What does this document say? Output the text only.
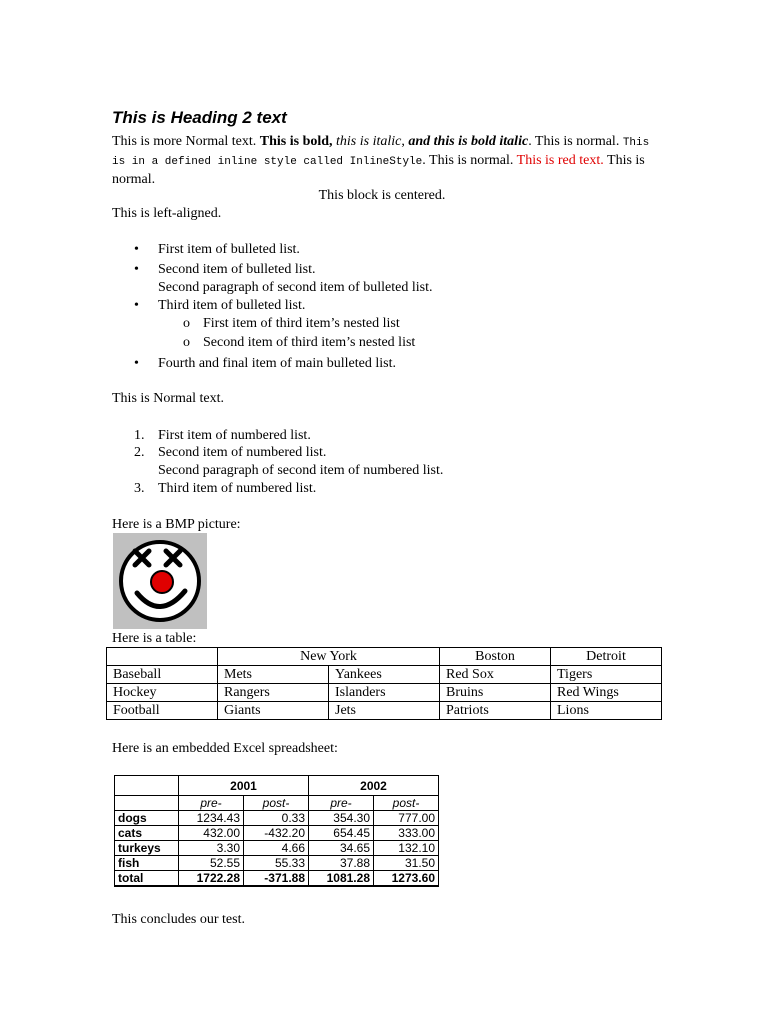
This is Heading 2 text

This is more Normal text. This is bold, this is italic, and this is bold italic. This is normal. This is in a defined inline style called InlineStyle. This is normal. This is red text. This is normal.

This block is centered.
This is left-aligned.
• First item of bulleted list.
• Second item of bulleted list.
Second paragraph of second item of bulleted list.
• Third item of bulleted list.
o First item of third item’s nested list
o Second item of third item’s nested list
• Fourth and final item of main bulleted list.
This is Normal text.
1. First item of numbered list.
2. Second item of numbered list.
Second paragraph of second item of numbered list.
3. Third item of numbered list.
Here is a BMP picture:
Here is a table:
	New York		Boston	Detroit
Baseball	Mets	Yankees	Red Sox	Tigers
Hockey	Rangers	Islanders	Bruins	Red Wings
Football	Giants	Jets	Patriots	Lions
Here is an embedded Excel spreadsheet:
	2001		2002	
	pre-	post-	pre-	post-
dogs	1234.43	0.33	354.30	777.00
cats	432.00	-432.20	654.45	333.00
turkeys	3.30	4.66	34.65	132.10
fish	52.55	55.33	37.88	31.50
total	1722.28	-371.88	1081.28	1273.60
This concludes our test.
